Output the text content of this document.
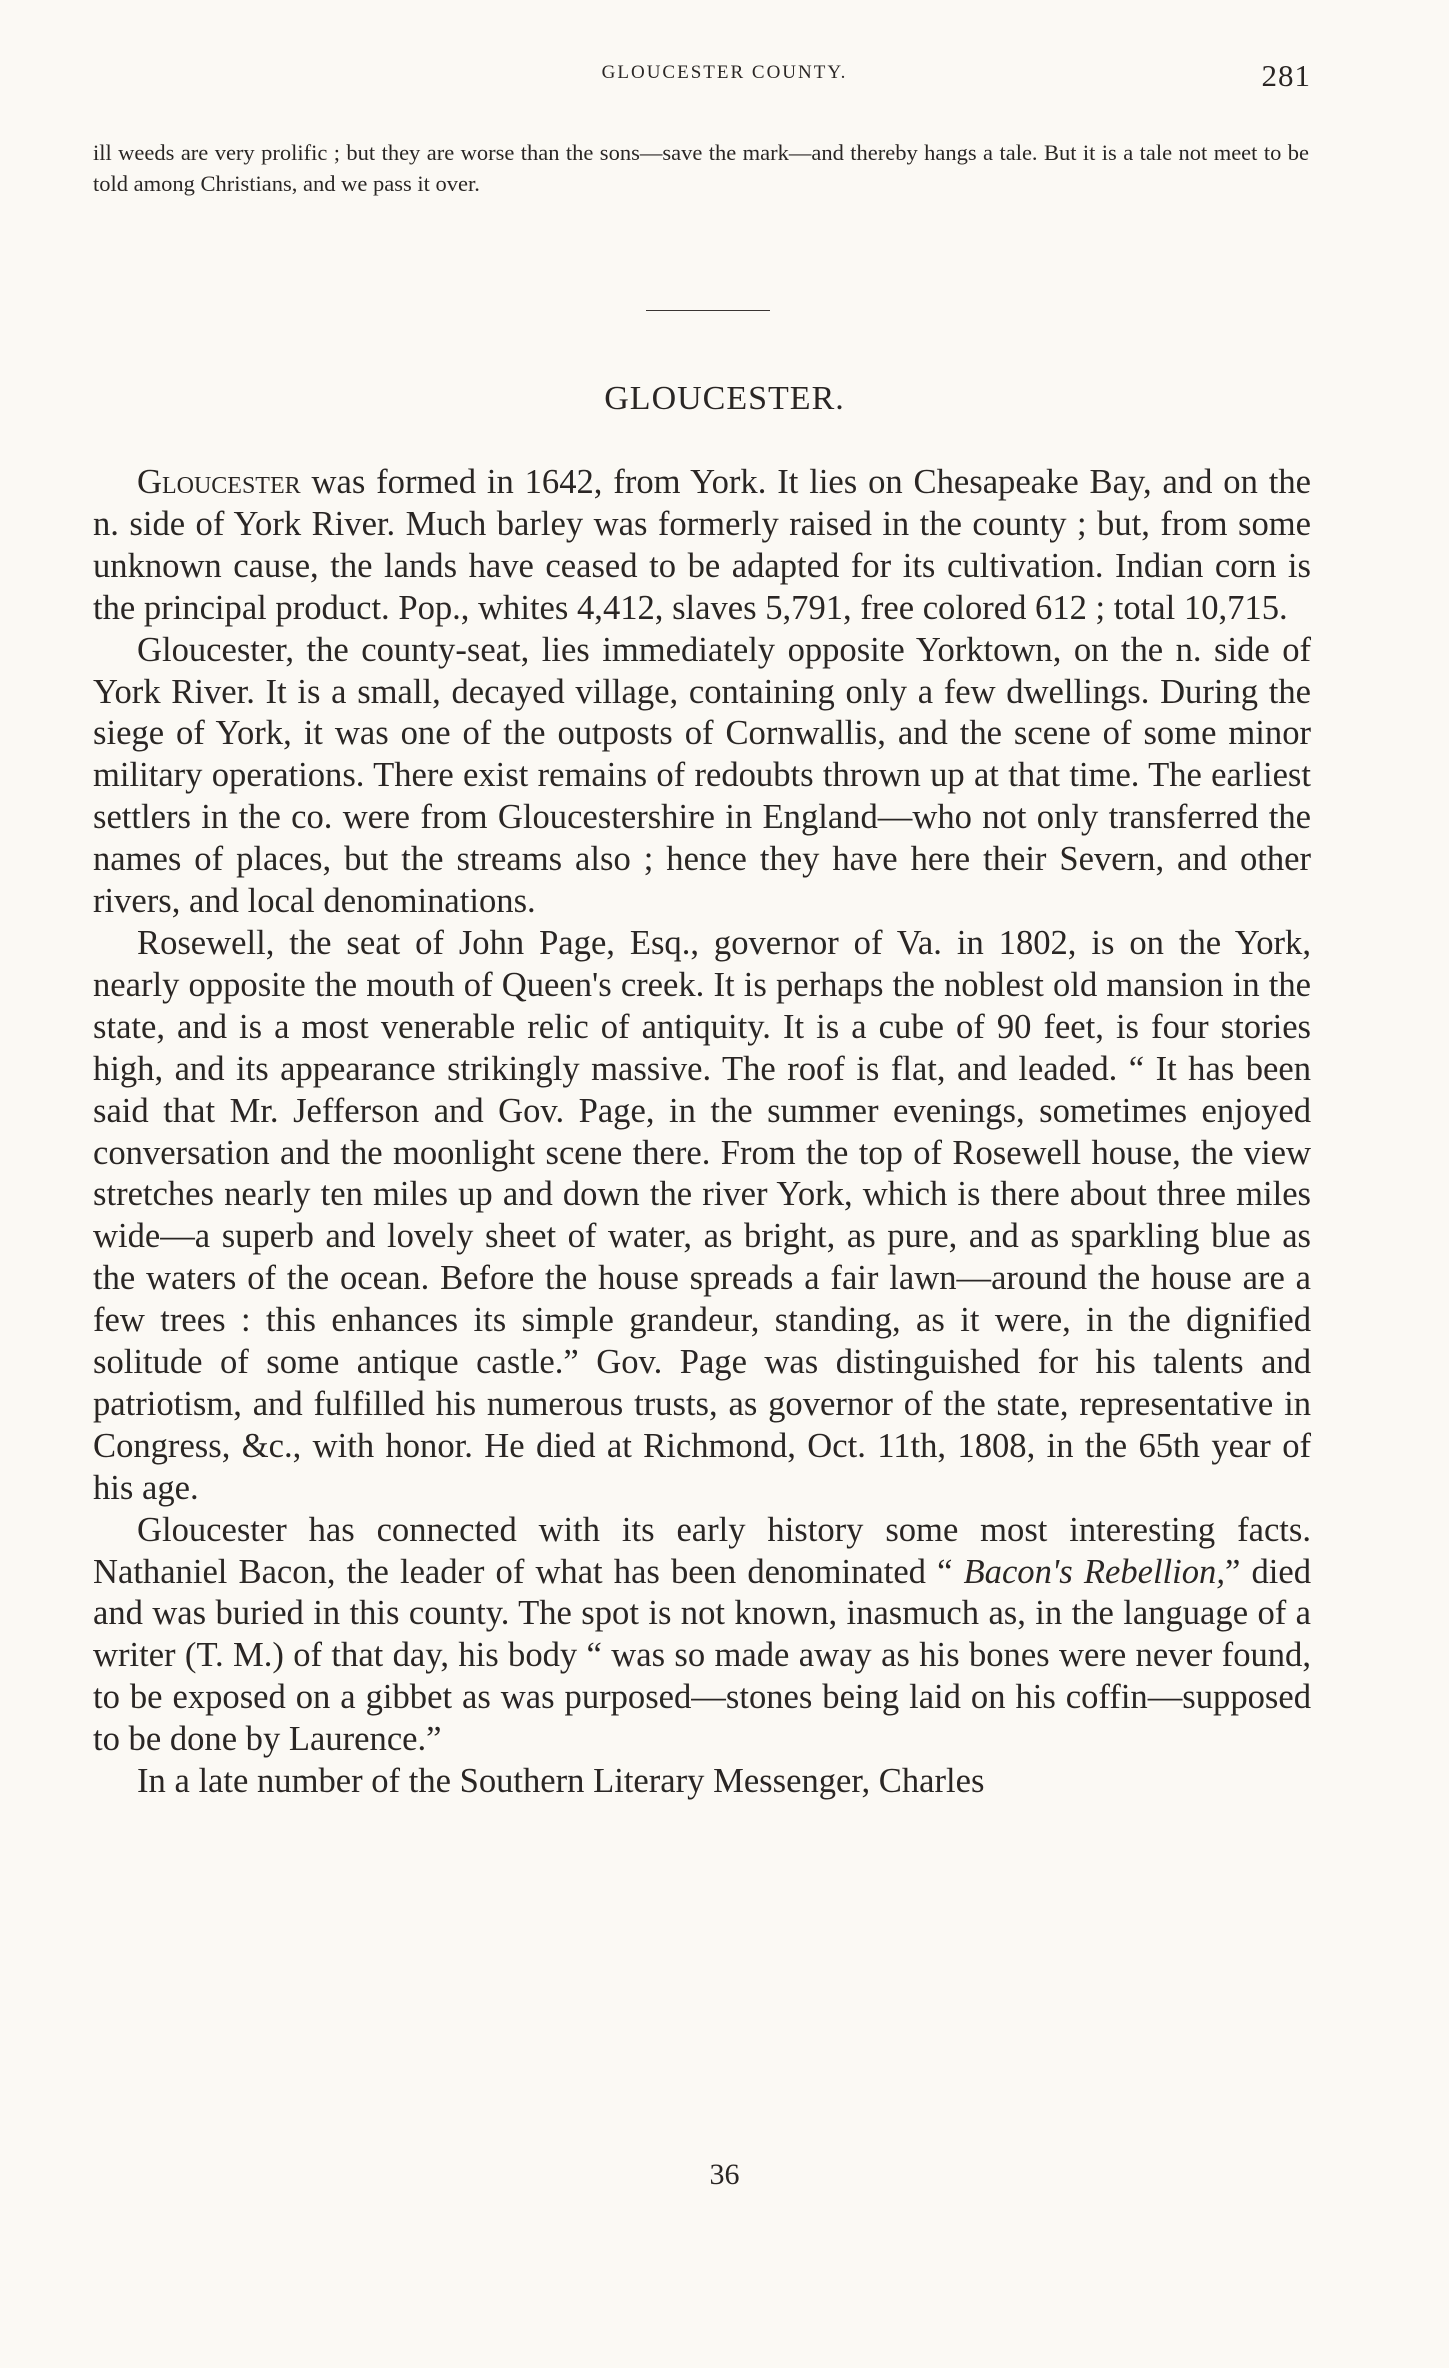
GLOUCESTER COUNTY.	281
ill weeds are very prolific ; but they are worse than the sons—save the mark—and thereby hangs a tale. But it is a tale not meet to be told among Christians, and we pass it over.
GLOUCESTER.

Gloucester was formed in 1642, from York. It lies on Chesapeake Bay, and on the n. side of York River. Much barley was formerly raised in the county ; but, from some unknown cause, the lands have ceased to be adapted for its cultivation. Indian corn is the principal product. Pop., whites 4,412, slaves 5,791, free colored 612 ; total 10,715.

Gloucester, the county-seat, lies immediately opposite Yorktown, on the n. side of York River. It is a small, decayed village, containing only a few dwellings. During the siege of York, it was one of the outposts of Cornwallis, and the scene of some minor military operations. There exist remains of redoubts thrown up at that time. The earliest settlers in the co. were from Gloucestershire in England—who not only transferred the names of places, but the streams also ; hence they have here their Severn, and other rivers, and local denominations.

Rosewell, the seat of John Page, Esq., governor of Va. in 1802, is on the York, nearly opposite the mouth of Queen's creek. It is perhaps the noblest old mansion in the state, and is a most venerable relic of antiquity. It is a cube of 90 feet, is four stories high, and its appearance strikingly massive. The roof is flat, and leaded. “ It has been said that Mr. Jefferson and Gov. Page, in the summer evenings, sometimes enjoyed conversation and the moonlight scene there. From the top of Rosewell house, the view stretches nearly ten miles up and down the river York, which is there about three miles wide—a superb and lovely sheet of water, as bright, as pure, and as sparkling blue as the waters of the ocean. Before the house spreads a fair lawn—around the house are a few trees : this enhances its simple grandeur, standing, as it were, in the dignified solitude of some antique castle.” Gov. Page was distinguished for his talents and patriotism, and fulfilled his numerous trusts, as governor of the state, representative in Congress, &c., with honor. He died at Richmond, Oct. 11th, 1808, in the 65th year of his age.

Gloucester has connected with its early history some most interesting facts. Nathaniel Bacon, the leader of what has been denominated “ Bacon's Rebellion,” died and was buried in this county. The spot is not known, inasmuch as, in the language of a writer (T. M.) of that day, his body “ was so made away as his bones were never found, to be exposed on a gibbet as was purposed—stones being laid on his coffin—supposed to be done by Laurence.”

In a late number of the Southern Literary Messenger, Charles

36
